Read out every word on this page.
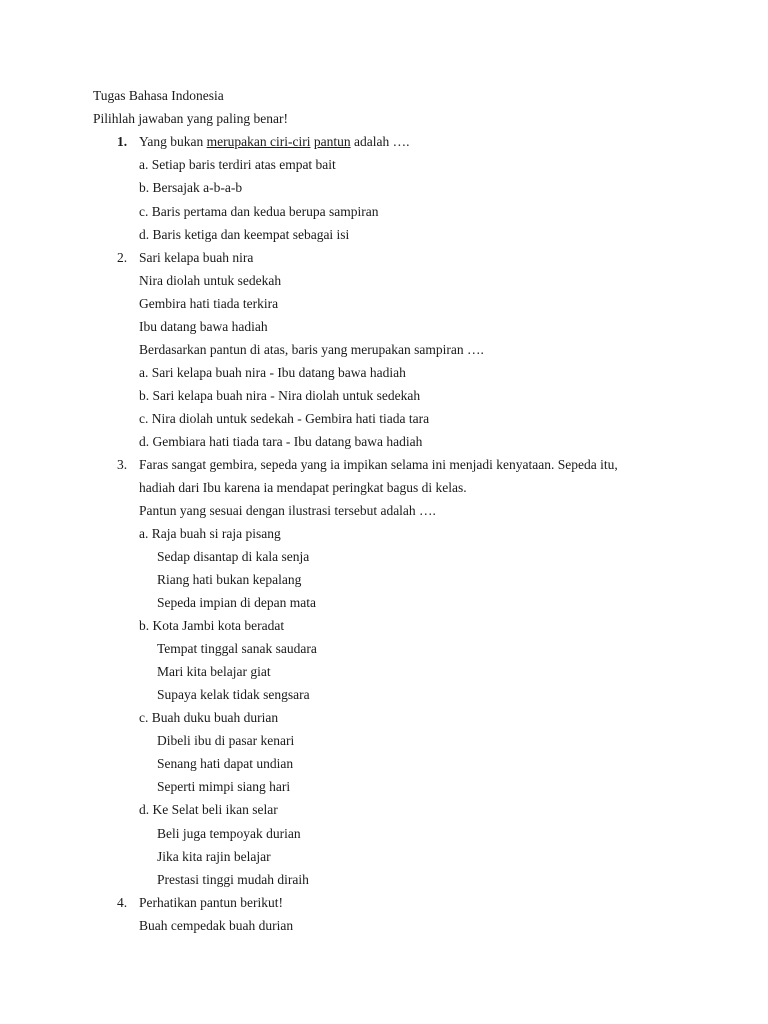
Tugas Bahasa Indonesia
Pilihlah jawaban yang paling benar!
1. Yang bukan merupakan ciri-ciri pantun adalah ….
a. Setiap baris terdiri atas empat bait
b. Bersajak a-b-a-b
c. Baris pertama dan kedua berupa sampiran
d. Baris ketiga dan keempat sebagai isi
2. Sari kelapa buah nira
Nira diolah untuk sedekah
Gembira hati tiada terkira
Ibu datang bawa hadiah
Berdasarkan pantun di atas, baris yang merupakan sampiran ….
a. Sari kelapa buah nira - Ibu datang bawa hadiah
b. Sari kelapa buah nira - Nira diolah untuk sedekah
c. Nira diolah untuk sedekah - Gembira hati tiada tara
d. Gembiara hati tiada tara - Ibu datang bawa hadiah
3. Faras sangat gembira, sepeda yang ia impikan selama ini menjadi kenyataan. Sepeda itu,
hadiah dari Ibu karena ia mendapat peringkat bagus di kelas.
Pantun yang sesuai dengan ilustrasi tersebut adalah ….
a. Raja buah si raja pisang
Sedap disantap di kala senja
Riang hati bukan kepalang
Sepeda impian di depan mata
b. Kota Jambi kota beradat
Tempat tinggal sanak saudara
Mari kita belajar giat
Supaya kelak tidak sengsara
c. Buah duku buah durian
Dibeli ibu di pasar kenari
Senang hati dapat undian
Seperti mimpi siang hari
d. Ke Selat beli ikan selar
Beli juga tempoyak durian
Jika kita rajin belajar
Prestasi tinggi mudah diraih
4. Perhatikan pantun berikut!
Buah cempedak buah durian
